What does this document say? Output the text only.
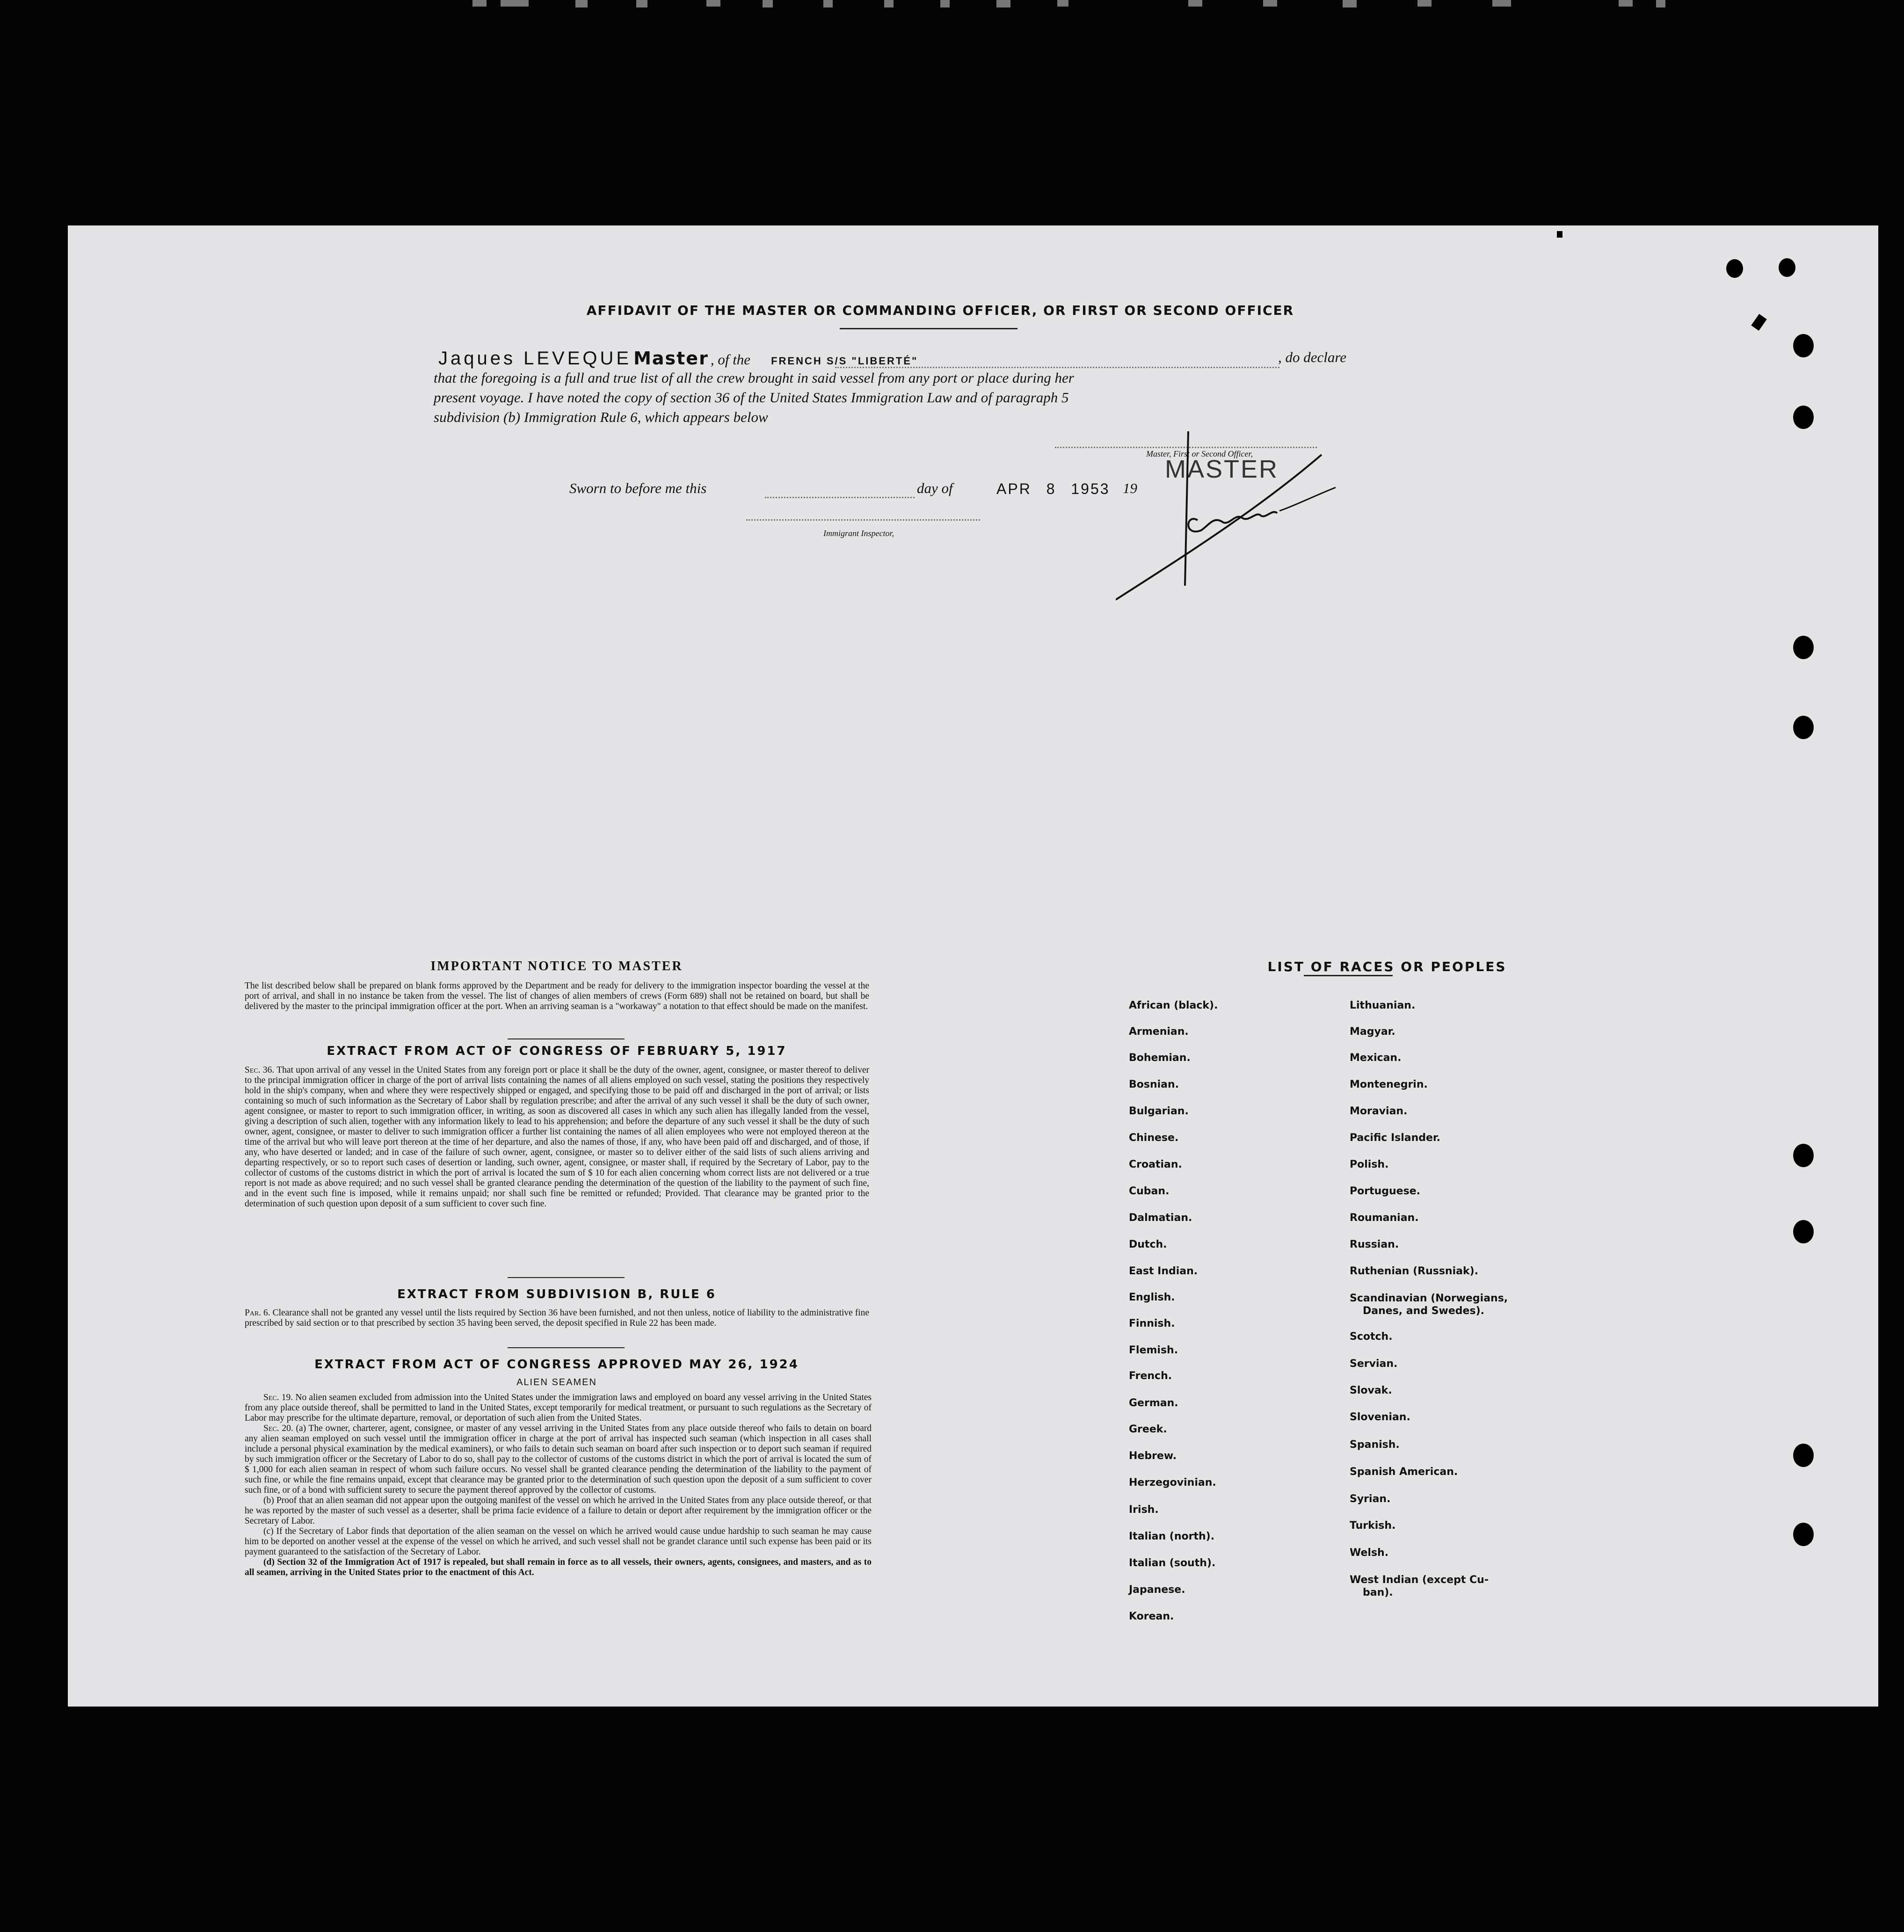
AFFIDAVIT OF THE MASTER OR COMMANDING OFFICER, OR FIRST OR SECOND OFFICER
Jaques LEVEQUE Master , of the FRENCH S/S "LIBERTÉ"	, do declare
that the foregoing is a full and true list of all the crew brought in said vessel from any port or place during her
present voyage. I have noted the copy of section 36 of the United States Immigration Law and of paragraph 5
subdivision (b) Immigration Rule 6, which appears below
Master, First or Second Officer,
MASTER
Sworn to before me this	day of	APR 8 1953 19
Immigrant Inspector,
IMPORTANT NOTICE TO MASTER

The list described below shall be prepared on blank forms approved by the Department and be ready for delivery to the immigration inspector boarding the vessel at the port of arrival, and shall in no instance be taken from the vessel. The list of changes of alien members of crews (Form 689) shall not be retained on board, but shall be delivered by the master to the principal immigration officer at the port. When an arriving seaman is a "workaway" a notation to that effect should be made on the manifest.

EXTRACT FROM ACT OF CONGRESS OF FEBRUARY 5, 1917

Sec. 36. That upon arrival of any vessel in the United States from any foreign port or place it shall be the duty of the owner, agent, consignee, or master thereof to deliver to the principal immigration officer in charge of the port of arrival lists containing the names of all aliens employed on such vessel, stating the positions they respectively hold in the ship's company, when and where they were respectively shipped or engaged, and specifying those to be paid off and discharged in the port of arrival; or lists containing so much of such information as the Secretary of Labor shall by regulation prescribe; and after the arrival of any such vessel it shall be the duty of such owner, agent consignee, or master to report to such immigration officer, in writing, as soon as discovered all cases in which any such alien has illegally landed from the vessel, giving a description of such alien, together with any information likely to lead to his apprehension; and before the departure of any such vessel it shall be the duty of such owner, agent, consignee, or master to deliver to such immigration officer a further list containing the names of all alien employees who were not employed thereon at the time of the arrival but who will leave port thereon at the time of her departure, and also the names of those, if any, who have been paid off and discharged, and of those, if any, who have deserted or landed; and in case of the failure of such owner, agent, consignee, or master so to deliver either of the said lists of such aliens arriving and departing respectively, or so to report such cases of desertion or landing, such owner, agent, consignee, or master shall, if required by the Secretary of Labor, pay to the collector of customs of the customs district in which the port of arrival is located the sum of $ 10 for each alien concerning whom correct lists are not delivered or a true report is not made as above required; and no such vessel shall be granted clearance pending the determination of the question of the liability to the payment of such fine, and in the event such fine is imposed, while it remains unpaid; nor shall such fine be remitted or refunded; Provided. That clearance may be granted prior to the determination of such question upon deposit of a sum sufficient to cover such fine.

EXTRACT FROM SUBDIVISION B, RULE 6

Par. 6. Clearance shall not be granted any vessel until the lists required by Section 36 have been furnished, and not then unless, notice of liability to the administrative fine prescribed by said section or to that prescribed by section 35 having been served, the deposit specified in Rule 22 has been made.

EXTRACT FROM ACT OF CONGRESS APPROVED MAY 26, 1924
ALIEN SEAMEN

Sec. 19. No alien seamen excluded from admission into the United States under the immigration laws and employed on board any vessel arriving in the United States from any place outside thereof, shall be permitted to land in the United States, except temporarily for medical treatment, or pursuant to such regulations as the Secretary of Labor may prescribe for the ultimate departure, removal, or deportation of such alien from the United States.

Sec. 20. (a) The owner, charterer, agent, consignee, or master of any vessel arriving in the United States from any place outside thereof who fails to detain on board any alien seaman employed on such vessel until the immigration officer in charge at the port of arrival has inspected such seaman (which inspection in all cases shall include a personal physical examination by the medical examiners), or who fails to detain such seaman on board after such inspection or to deport such seaman if required by such immigration officer or the Secretary of Labor to do so, shall pay to the collector of customs of the customs district in which the port of arrival is located the sum of $ 1,000 for each alien seaman in respect of whom such failure occurs. No vessel shall be granted clearance pending the determination of the liability to the payment of such fine, or while the fine remains unpaid, except that clearance may be granted prior to the determination of such question upon the deposit of a sum sufficient to cover such fine, or of a bond with sufficient surety to secure the payment thereof approved by the collector of customs.

(b) Proof that an alien seaman did not appear upon the outgoing manifest of the vessel on which he arrived in the United States from any place outside thereof, or that he was reported by the master of such vessel as a deserter, shall be prima facie evidence of a failure to detain or deport after requirement by the immigration officer or the Secretary of Labor.

(c) If the Secretary of Labor finds that deportation of the alien seaman on the vessel on which he arrived would cause undue hardship to such seaman he may cause him to be deported on another vessel at the expense of the vessel on which he arrived, and such vessel shall not be grandet clarance until such expense has been paid or its payment guaranteed to the satisfaction of the Secretary of Labor.

(d) Section 32 of the Immigration Act of 1917 is repealed, but shall remain in force as to all vessels, their owners, agents, consignees, and masters, and as to all seamen, arriving in the United States prior to the enactment of this Act.

LIST OF RACES OR PEOPLES
African (black).
Armenian.
Bohemian.
Bosnian.
Bulgarian.
Chinese.
Croatian.
Cuban.
Dalmatian.
Dutch.
East Indian.
English.
Finnish.
Flemish.
French.
German.
Greek.
Hebrew.
Herzegovinian.
Irish.
Italian (north).
Italian (south).
Japanese.
Korean.
Lithuanian.
Magyar.
Mexican.
Montenegrin.
Moravian.
Pacific Islander.
Polish.
Portuguese.
Roumanian.
Russian.
Ruthenian (Russniak).
Scandinavian (Norwegians,
Danes, and Swedes).
Scotch.
Servian.
Slovak.
Slovenian.
Spanish.
Spanish American.
Syrian.
Turkish.
Welsh.
West Indian (except Cu-
ban).
